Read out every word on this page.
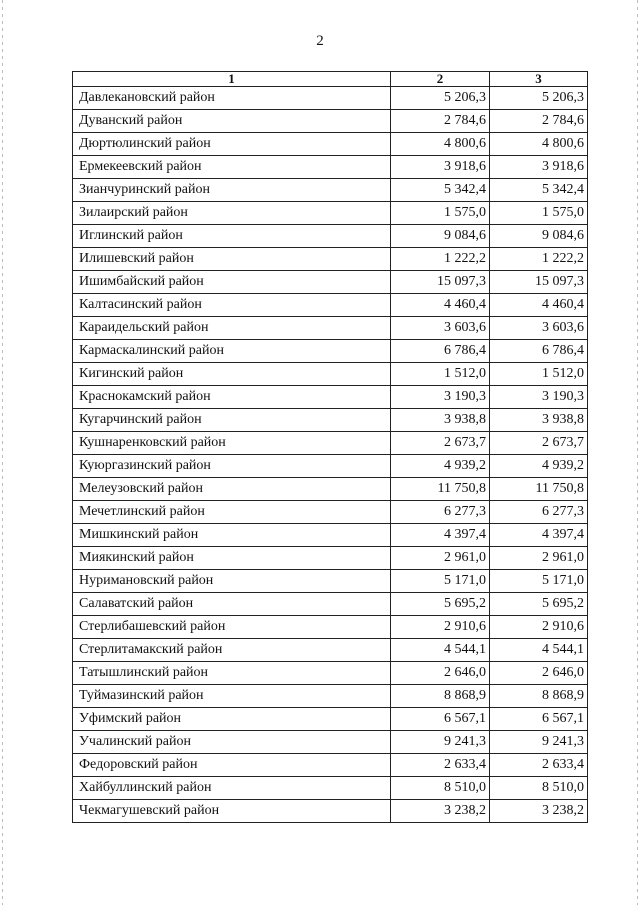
2
1	2	3
Давлекановский район	5 206,3	5 206,3
Дуванский район	2 784,6	2 784,6
Дюртюлинский район	4 800,6	4 800,6
Ермекеевский район	3 918,6	3 918,6
Зианчуринский район	5 342,4	5 342,4
Зилаирский район	1 575,0	1 575,0
Иглинский район	9 084,6	9 084,6
Илишевский район	1 222,2	1 222,2
Ишимбайский район	15 097,3	15 097,3
Калтасинский район	4 460,4	4 460,4
Караидельский район	3 603,6	3 603,6
Кармаскалинский район	6 786,4	6 786,4
Кигинский район	1 512,0	1 512,0
Краснокамский район	3 190,3	3 190,3
Кугарчинский район	3 938,8	3 938,8
Кушнаренковский район	2 673,7	2 673,7
Куюргазинский район	4 939,2	4 939,2
Мелеузовский район	11 750,8	11 750,8
Мечетлинский район	6 277,3	6 277,3
Мишкинский район	4 397,4	4 397,4
Миякинский район	2 961,0	2 961,0
Нуримановский район	5 171,0	5 171,0
Салаватский район	5 695,2	5 695,2
Стерлибашевский район	2 910,6	2 910,6
Стерлитамакский район	4 544,1	4 544,1
Татышлинский район	2 646,0	2 646,0
Туймазинский район	8 868,9	8 868,9
Уфимский район	6 567,1	6 567,1
Учалинский район	9 241,3	9 241,3
Федоровский район	2 633,4	2 633,4
Хайбуллинский район	8 510,0	8 510,0
Чекмагушевский район	3 238,2	3 238,2
